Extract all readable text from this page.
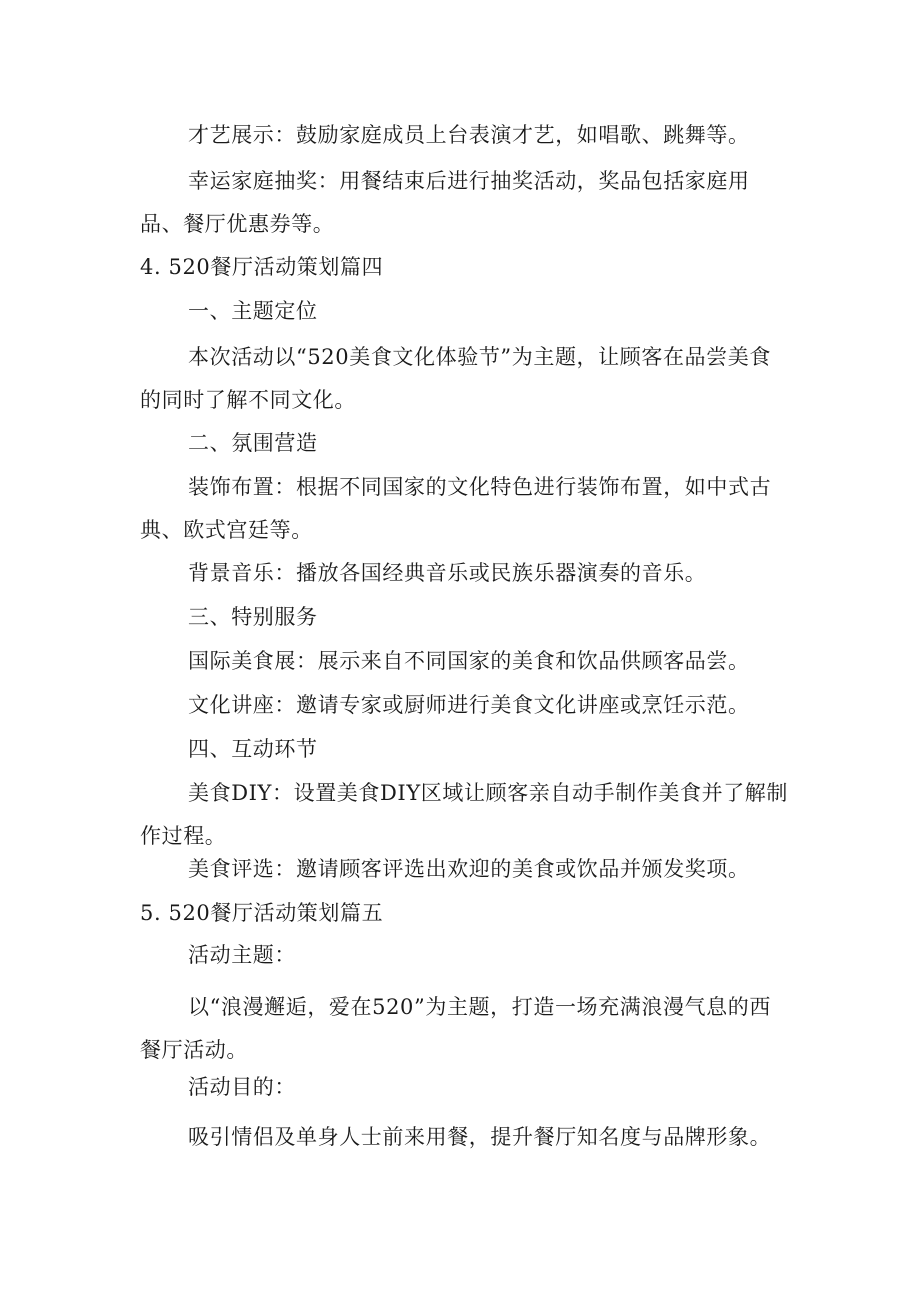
才艺展示：鼓励家庭成员上台表演才艺，如唱歌、跳舞等。

幸运家庭抽奖：用餐结束后进行抽奖活动，奖品包括家庭用品、餐厅优惠券等。

4. 520餐厅活动策划篇四

一、主题定位

本次活动以“520美食文化体验节”为主题，让顾客在品尝美食的同时了解不同文化。

二、氛围营造

装饰布置：根据不同国家的文化特色进行装饰布置，如中式古典、欧式宫廷等。

背景音乐：播放各国经典音乐或民族乐器演奏的音乐。

三、特别服务

国际美食展：展示来自不同国家的美食和饮品供顾客品尝。

文化讲座：邀请专家或厨师进行美食文化讲座或烹饪示范。

四、互动环节

美食DIY：设置美食DIY区域让顾客亲自动手制作美食并了解制作过程。

美食评选：邀请顾客评选出欢迎的美食或饮品并颁发奖项。

5. 520餐厅活动策划篇五

活动主题：

以“浪漫邂逅，爱在520”为主题，打造一场充满浪漫气息的西餐厅活动。

活动目的：

吸引情侣及单身人士前来用餐，提升餐厅知名度与品牌形象。
